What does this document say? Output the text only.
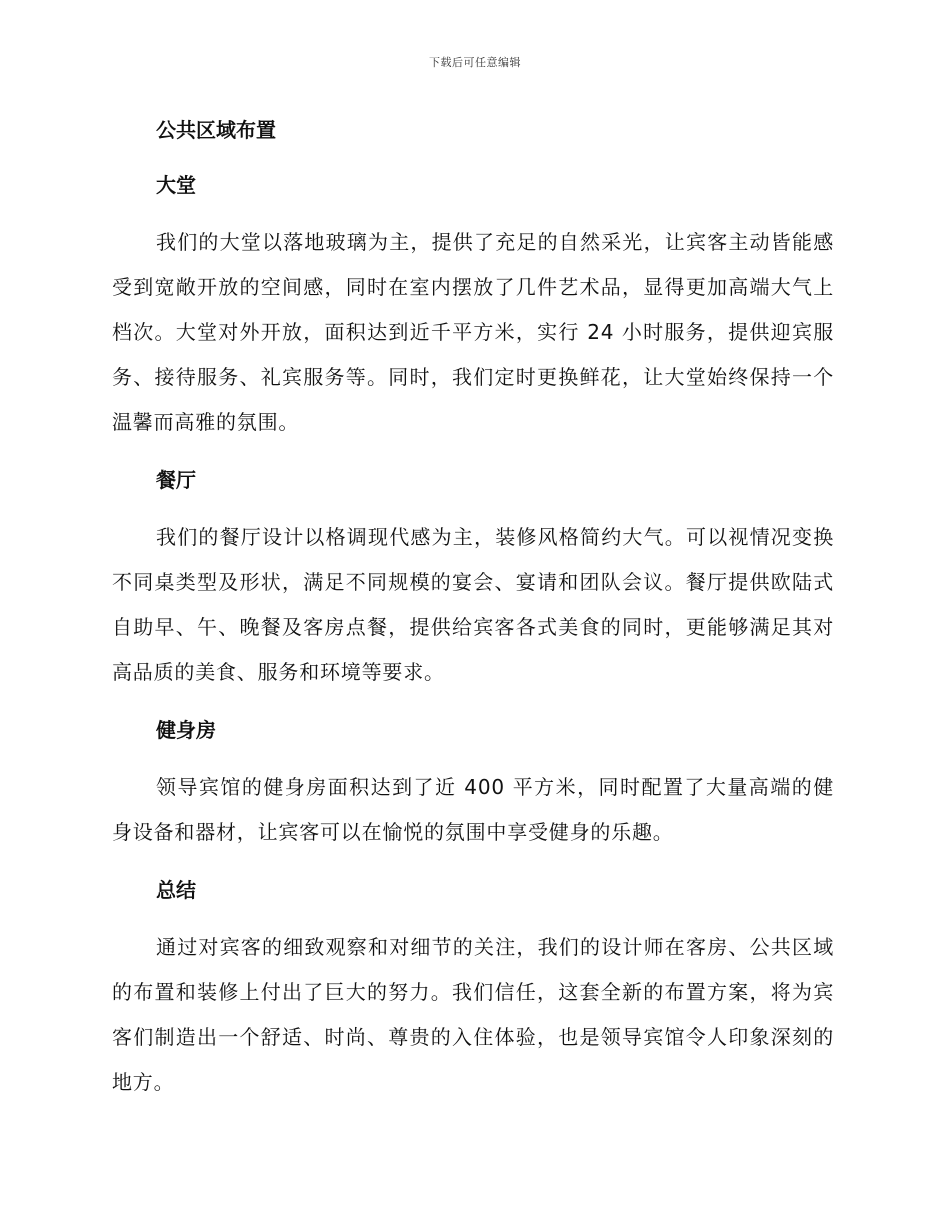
下载后可任意编辑
公共区域布置
大堂

我们的大堂以落地玻璃为主，提供了充足的自然采光，让宾客主动皆能感受到宽敞开放的空间感，同时在室内摆放了几件艺术品，显得更加高端大气上档次。大堂对外开放，面积达到近千平方米，实行 24 小时服务，提供迎宾服务、接待服务、礼宾服务等。同时，我们定时更换鲜花，让大堂始终保持一个温馨而高雅的氛围。

餐厅

我们的餐厅设计以格调现代感为主，装修风格简约大气。可以视情况变换不同桌类型及形状，满足不同规模的宴会、宴请和团队会议。餐厅提供欧陆式自助早、午、晚餐及客房点餐，提供给宾客各式美食的同时，更能够满足其对高品质的美食、服务和环境等要求。

健身房

领导宾馆的健身房面积达到了近 400 平方米，同时配置了大量高端的健身设备和器材，让宾客可以在愉悦的氛围中享受健身的乐趣。

总结

通过对宾客的细致观察和对细节的关注，我们的设计师在客房、公共区域的布置和装修上付出了巨大的努力。我们信任，这套全新的布置方案，将为宾客们制造出一个舒适、时尚、尊贵的入住体验，也是领导宾馆令人印象深刻的地方。
